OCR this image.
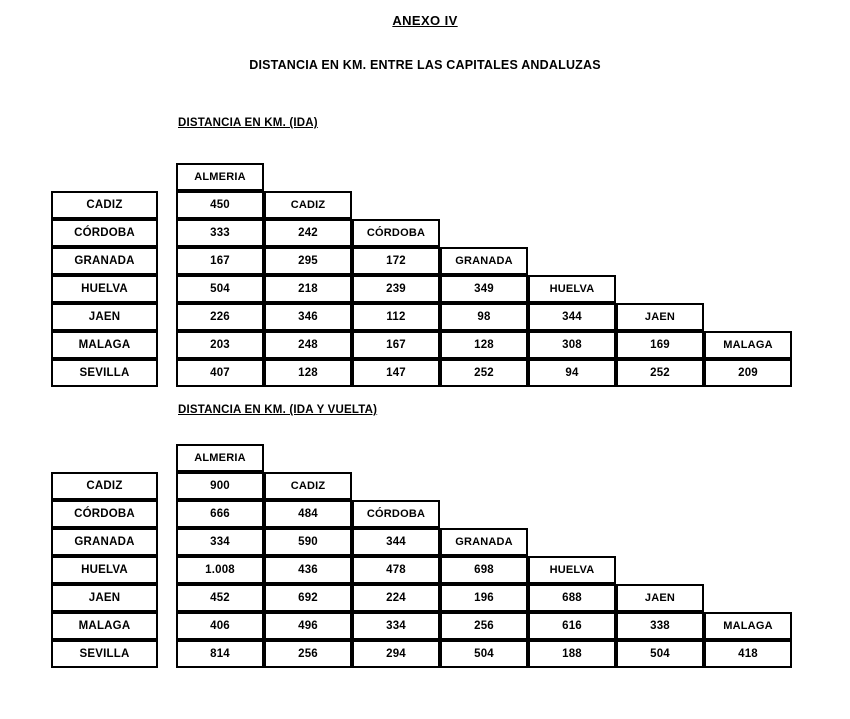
ANEXO IV
DISTANCIA EN KM. ENTRE LAS CAPITALES ANDALUZAS
DISTANCIA EN KM. (IDA)
DISTANCIA EN KM. (IDA Y VUELTA)
ALMERIA
CADIZ	450	CADIZ
CÓRDOBA	333	242	CÓRDOBA
GRANADA	167	295	172	GRANADA
HUELVA	504	218	239	349	HUELVA
JAEN	226	346	112	98	344	JAEN
MALAGA	203	248	167	128	308	169	MALAGA
SEVILLA	407	128	147	252	94	252	209
ALMERIA
CADIZ	900	CADIZ
CÓRDOBA	666	484	CÓRDOBA
GRANADA	334	590	344	GRANADA
HUELVA	1.008	436	478	698	HUELVA
JAEN	452	692	224	196	688	JAEN
MALAGA	406	496	334	256	616	338	MALAGA
SEVILLA	814	256	294	504	188	504	418
